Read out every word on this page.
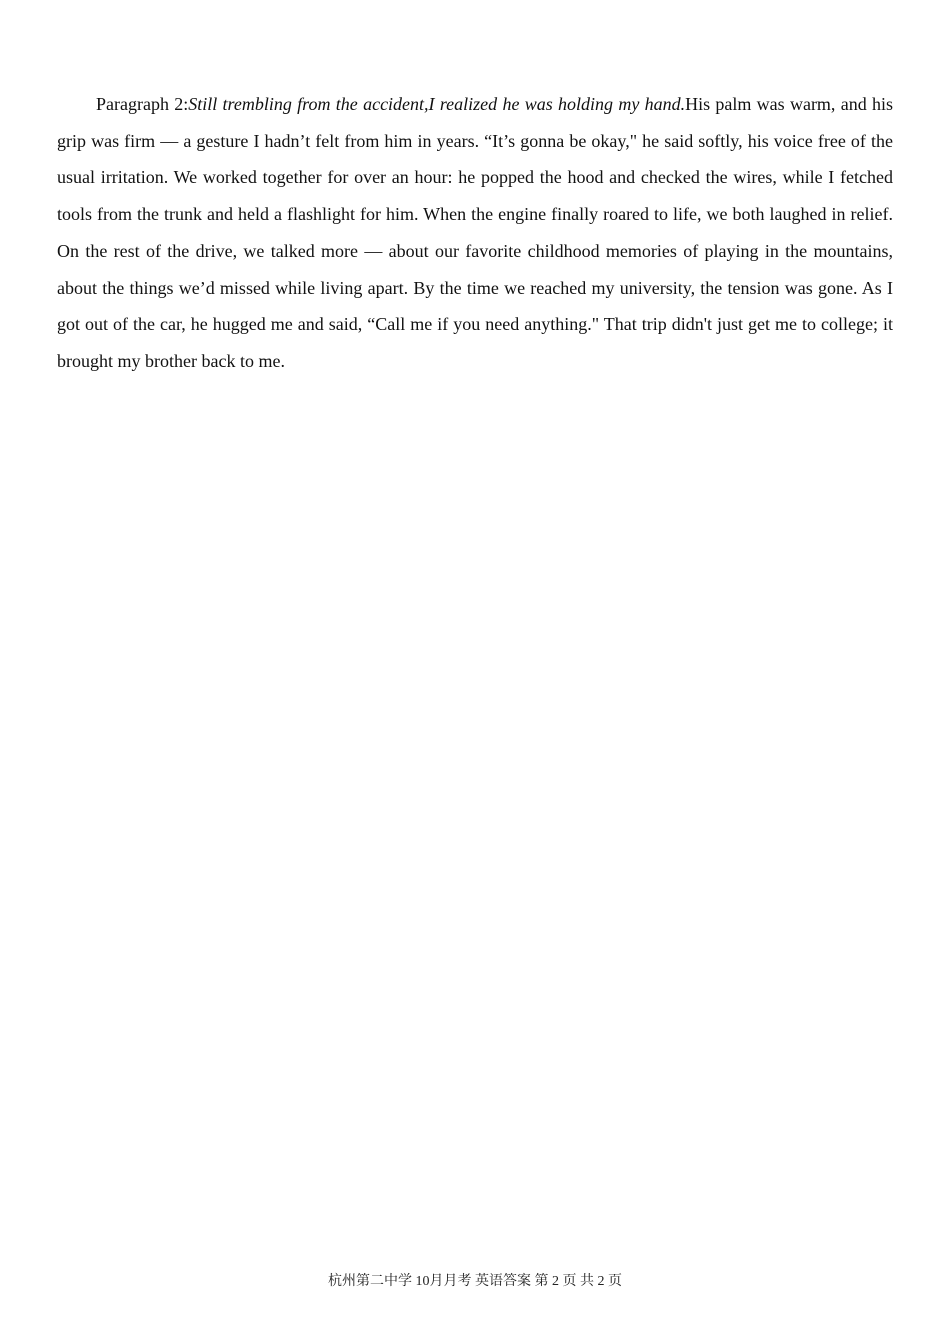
Paragraph 2:Still trembling from the accident,I realized he was holding my hand.His palm was warm, and his grip was firm — a gesture I hadn’t felt from him in years. “It’s gonna be okay," he said softly, his voice free of the usual irritation. We worked together for over an hour: he popped the hood and checked the wires, while I fetched tools from the trunk and held a flashlight for him. When the engine finally roared to life, we both laughed in relief. On the rest of the drive, we talked more — about our favorite childhood memories of playing in the mountains, about the things we’d missed while living apart. By the time we reached my university, the tension was gone. As I got out of the car, he hugged me and said, “Call me if you need anything." That trip didn't just get me to college; it brought my brother back to me.

杭州第二中学 10月月考 英语答案 第 2 页 共 2 页
